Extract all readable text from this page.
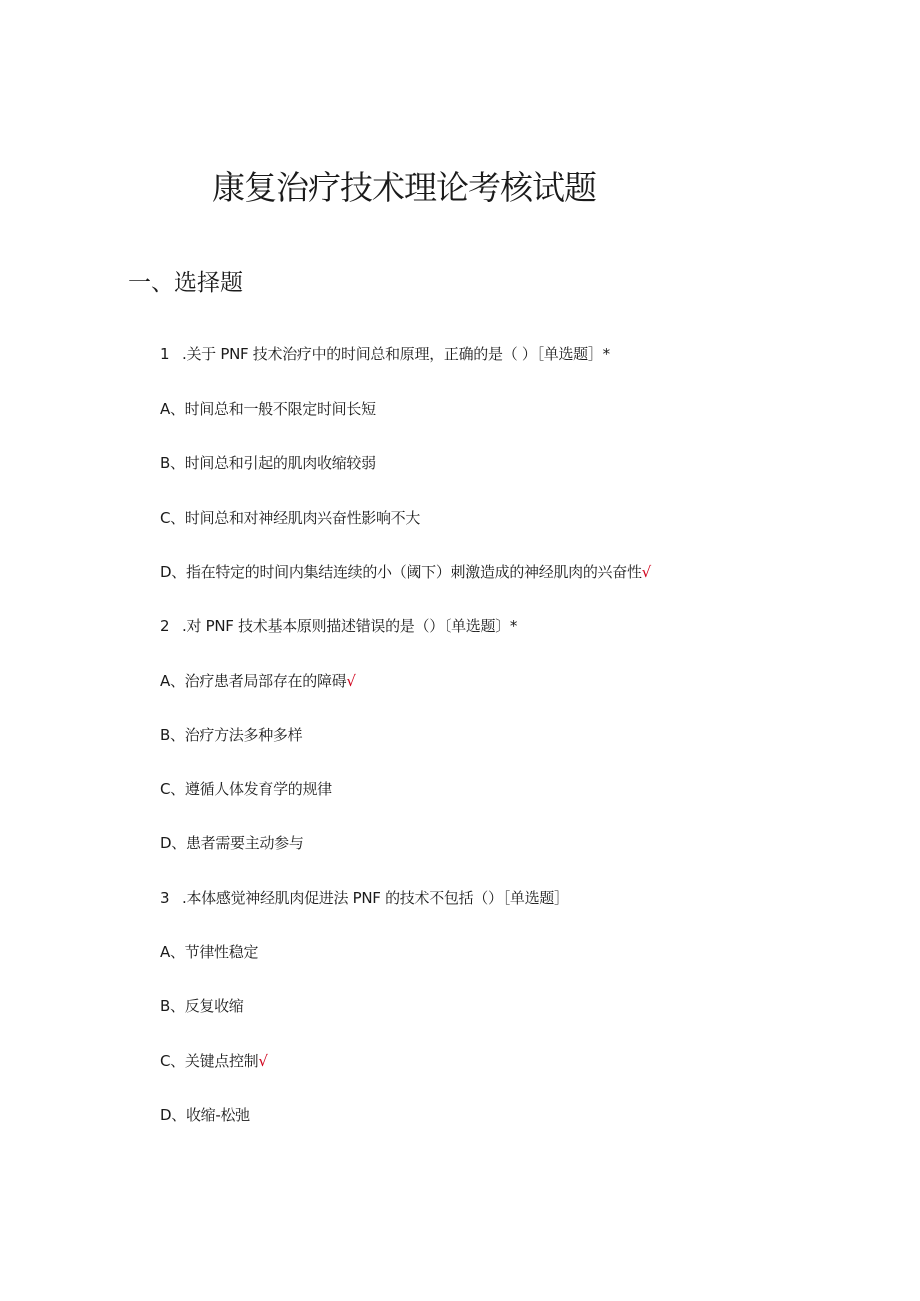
康复治疗技术理论考核试题
一、选择题
1 .关于 PNF 技术治疗中的时间总和原理，正确的是（ ）［单选题］*
A、时间总和一般不限定时间长短
B、时间总和引起的肌肉收缩较弱
C、时间总和对神经肌肉兴奋性影响不大
D、指在特定的时间内集结连续的小（阈下）刺激造成的神经肌肉的兴奋性√
2 .对 PNF 技术基本原则描述错误的是（）〔单选题〕*
A、治疗患者局部存在的障碍√
B、治疗方法多种多样
C、遵循人体发育学的规律
D、患者需要主动参与
3 .本体感觉神经肌肉促进法 PNF 的技术不包括（）［单选题］
A、节律性稳定
B、反复收缩
C、关键点控制√
D、收缩-松弛
